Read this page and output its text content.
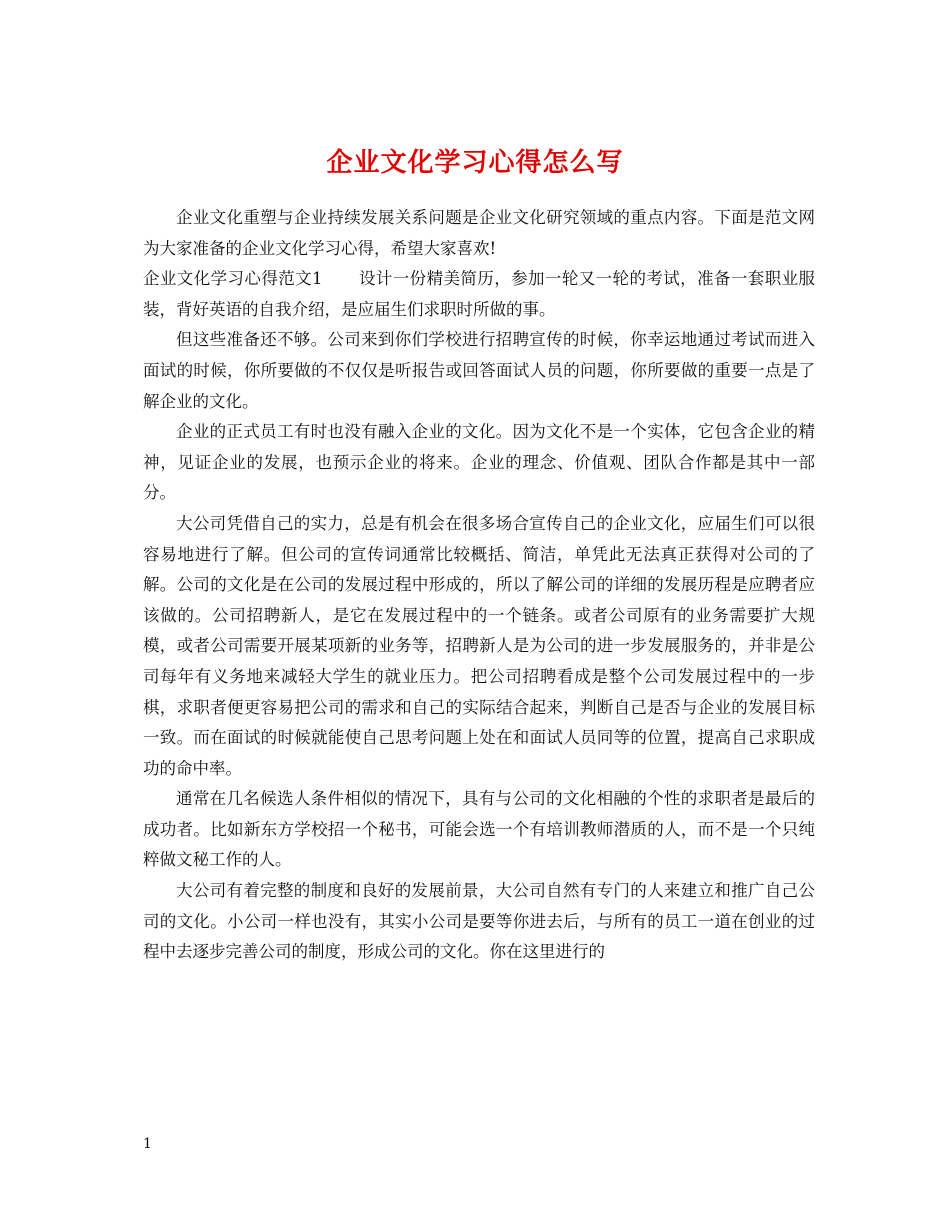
企业文化学习心得怎么写

企业文化重塑与企业持续发展关系问题是企业文化研究领域的重点内容。下面是范文网为大家准备的企业文化学习心得，希望大家喜欢!

企业文化学习心得范文1 设计一份精美简历，参加一轮又一轮的考试，准备一套职业服装，背好英语的自我介绍，是应届生们求职时所做的事。

但这些准备还不够。公司来到你们学校进行招聘宣传的时候，你幸运地通过考试而进入面试的时候，你所要做的不仅仅是听报告或回答面试人员的问题，你所要做的重要一点是了解企业的文化。

企业的正式员工有时也没有融入企业的文化。因为文化不是一个实体，它包含企业的精神，见证企业的发展，也预示企业的将来。企业的理念、价值观、团队合作都是其中一部分。

大公司凭借自己的实力，总是有机会在很多场合宣传自己的企业文化，应届生们可以很容易地进行了解。但公司的宣传词通常比较概括、简洁，单凭此无法真正获得对公司的了解。公司的文化是在公司的发展过程中形成的，所以了解公司的详细的发展历程是应聘者应该做的。公司招聘新人，是它在发展过程中的一个链条。或者公司原有的业务需要扩大规模，或者公司需要开展某项新的业务等，招聘新人是为公司的进一步发展服务的，并非是公司每年有义务地来减轻大学生的就业压力。把公司招聘看成是整个公司发展过程中的一步棋，求职者便更容易把公司的需求和自己的实际结合起来，判断自己是否与企业的发展目标一致。而在面试的时候就能使自己思考问题上处在和面试人员同等的位置，提高自己求职成功的命中率。

通常在几名候选人条件相似的情况下，具有与公司的文化相融的个性的求职者是最后的成功者。比如新东方学校招一个秘书，可能会选一个有培训教师潜质的人，而不是一个只纯粹做文秘工作的人。

大公司有着完整的制度和良好的发展前景，大公司自然有专门的人来建立和推广自己公司的文化。小公司一样也没有，其实小公司是要等你进去后，与所有的员工一道在创业的过程中去逐步完善公司的制度，形成公司的文化。你在这里进行的

1
